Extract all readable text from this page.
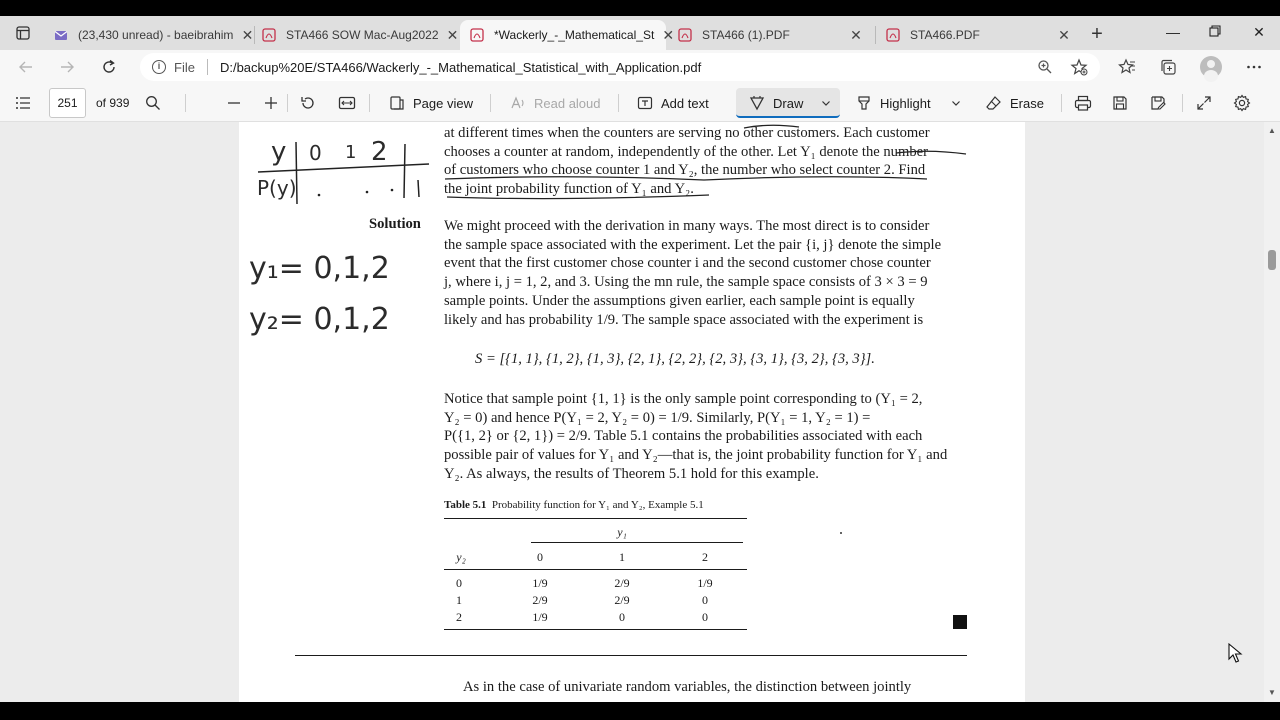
(23,430 unread) - baeibrahim ✕	STA466 SOW Mac-Aug2022 ✕	*Wackerly_-_Mathematical_St ✕ STA466 (1).PDF	✕	STA466.PDF	✕ +	—	✕
i	File D:/backup%20E/STA466/Wackerly_-_Mathematical_Statistical_with_Application.pdf
251	of 939	Page view	Read aloud	Add text	Draw	Highlight	Erase
at different times when the counters are serving no other customers. Each customer
chooses a counter at random, independently of the other. Let Y₁ denote the number
of customers who choose counter 1 and Y₂, the number who select counter 2. Find
the joint probability function of Y₁ and Y₂.
Solution We might proceed with the derivation in many ways. The most direct is to consider
the sample space associated with the experiment. Let the pair {i, j} denote the simple
event that the first customer chose counter i and the second customer chose counter
j, where i, j = 1, 2, and 3. Using the mn rule, the sample space consists of 3 × 3 = 9
sample points. Under the assumptions given earlier, each sample point is equally
likely and has probability 1/9. The sample space associated with the experiment is
S = [{1, 1}, {1, 2}, {1, 3}, {2, 1}, {2, 2}, {2, 3}, {3, 1}, {3, 2}, {3, 3}].
Notice that sample point {1, 1} is the only sample point corresponding to (Y₁ = 2,
Y₂ = 0) and hence P(Y₁ = 2, Y₂ = 0) = 1/9. Similarly, P(Y₁ = 1, Y₂ = 1) =
P({1, 2} or {2, 1}) = 2/9. Table 5.1 contains the probabilities associated with each
possible pair of values for Y₁ and Y₂—that is, the joint probability function for Y₁ and
Y₂. As always, the results of Theorem 5.1 hold for this example.
Table 5.1 Probability function for Y₁ and Y₂, Example 5.1
y₁
y₂	0	1	2
0	1/9	2/9	1/9
1	2/9	2/9	0
2	1/9	0	0
As in the case of univariate random variables, the distinction between jointly
y 0 1 2
P(y)
y₁= 0,1,2
y₂= 0,1,2
▲
▼
